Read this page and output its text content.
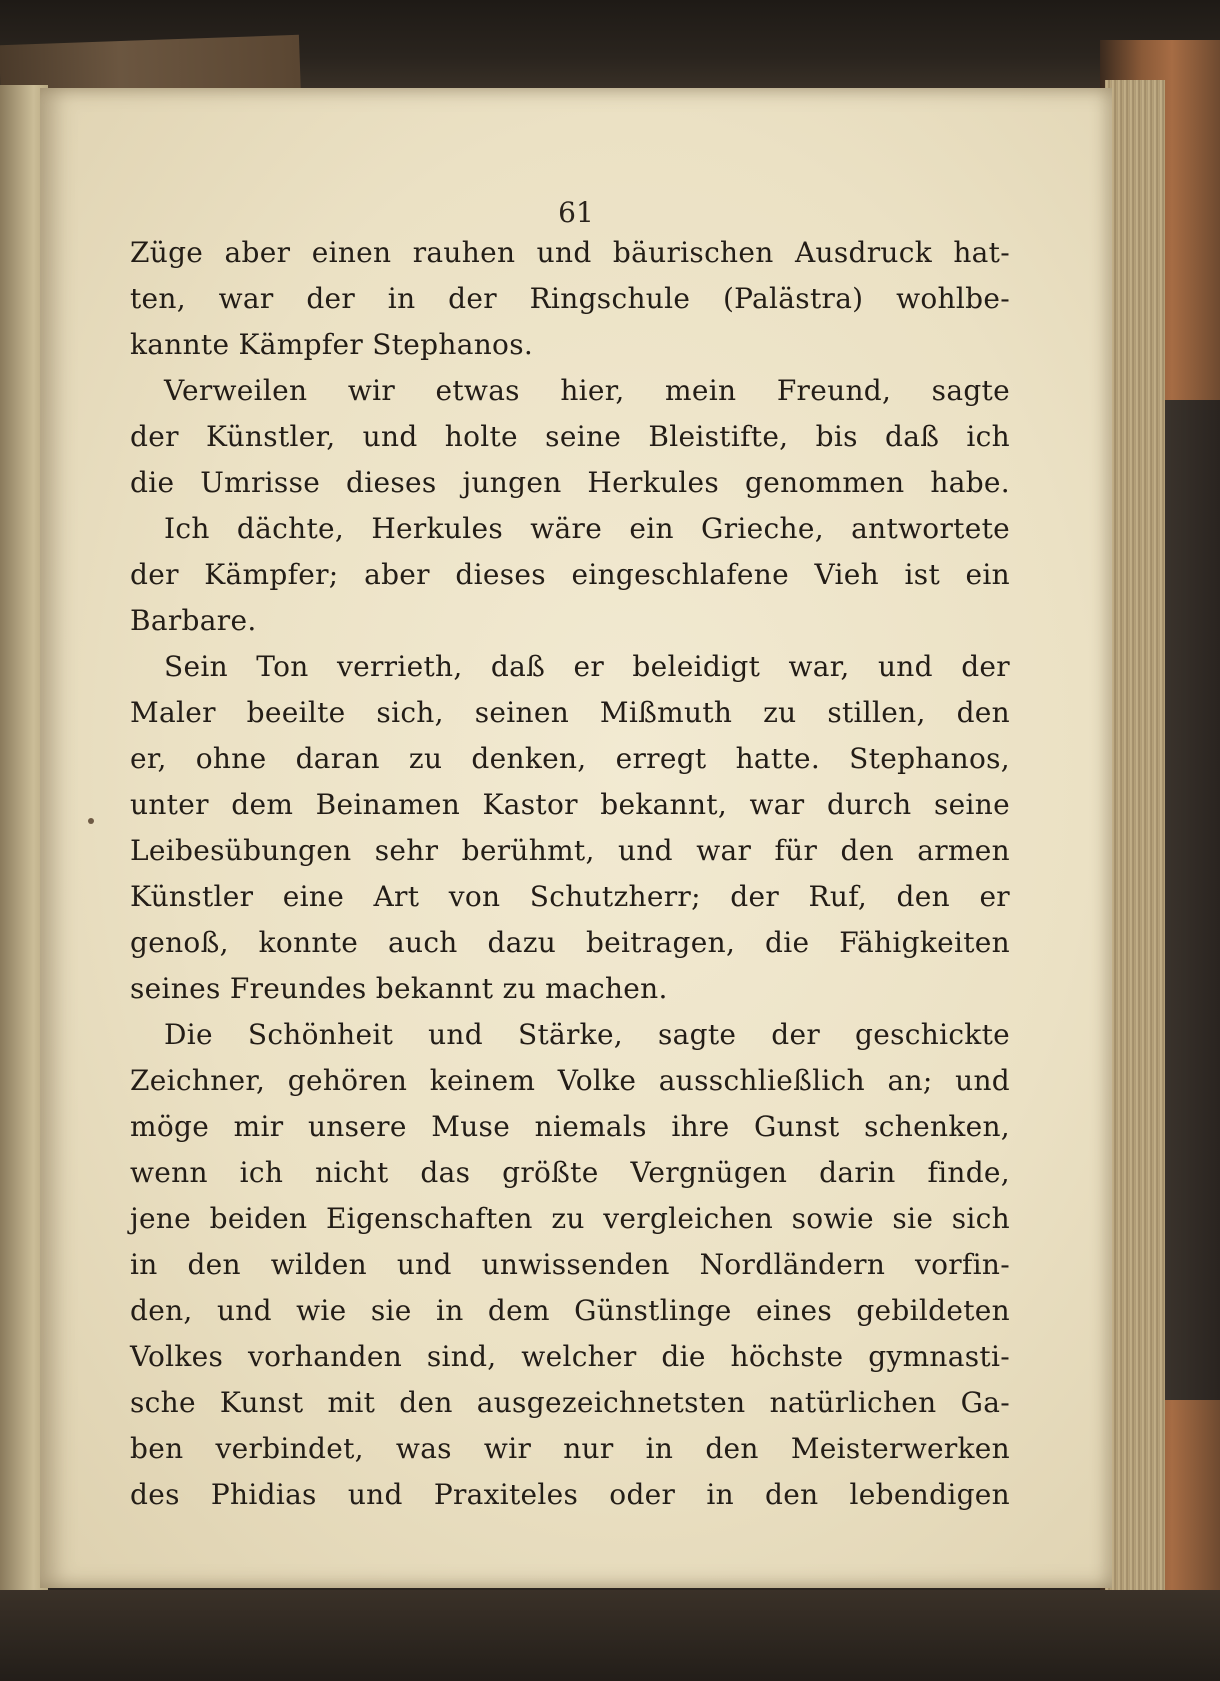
61
Züge aber einen rauhen und bäurischen Ausdruck hat-
ten, war der in der Ringschule (Palästra) wohlbe-
kannte Kämpfer Stephanos.
Verweilen wir etwas hier, mein Freund, sagte
der Künstler, und holte seine Bleistifte, bis daß ich
die Umrisse dieses jungen Herkules genommen habe.
Ich dächte, Herkules wäre ein Grieche, antwortete
der Kämpfer; aber dieses eingeschlafene Vieh ist ein
Barbare.
Sein Ton verrieth, daß er beleidigt war, und der
Maler beeilte sich, seinen Mißmuth zu stillen, den
er, ohne daran zu denken, erregt hatte. Stephanos,
unter dem Beinamen Kastor bekannt, war durch seine
Leibesübungen sehr berühmt, und war für den armen
Künstler eine Art von Schutzherr; der Ruf, den er
genoß, konnte auch dazu beitragen, die Fähigkeiten
seines Freundes bekannt zu machen.
Die Schönheit und Stärke, sagte der geschickte
Zeichner, gehören keinem Volke ausschließlich an; und
möge mir unsere Muse niemals ihre Gunst schenken,
wenn ich nicht das größte Vergnügen darin finde,
jene beiden Eigenschaften zu vergleichen sowie sie sich
in den wilden und unwissenden Nordländern vorfin-
den, und wie sie in dem Günstlinge eines gebildeten
Volkes vorhanden sind, welcher die höchste gymnasti-
sche Kunst mit den ausgezeichnetsten natürlichen Ga-
ben verbindet, was wir nur in den Meisterwerken
des Phidias und Praxiteles oder in den lebendigen
